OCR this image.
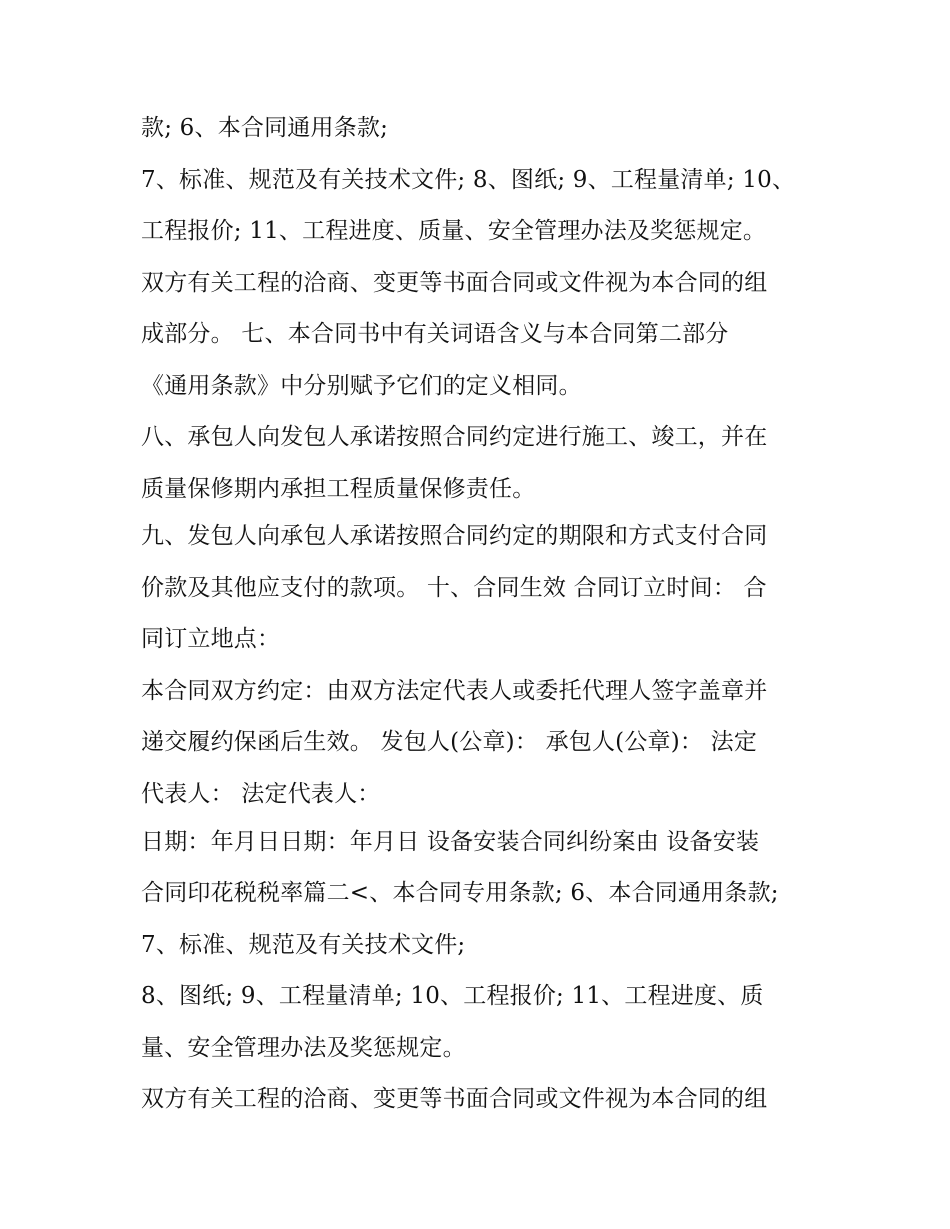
款; 6、本合同通用条款;
7、标准、规范及有关技术文件; 8、图纸; 9、工程量清单; 10、
工程报价; 11、工程进度、质量、安全管理办法及奖惩规定。
双方有关工程的洽商、变更等书面合同或文件视为本合同的组
成部分。 七、本合同书中有关词语含义与本合同第二部分
《通用条款》中分别赋予它们的定义相同。
八、承包人向发包人承诺按照合同约定进行施工、竣工，并在
质量保修期内承担工程质量保修责任。
九、发包人向承包人承诺按照合同约定的期限和方式支付合同
价款及其他应支付的款项。 十、合同生效 合同订立时间： 合
同订立地点：
本合同双方约定：由双方法定代表人或委托代理人签字盖章并
递交履约保函后生效。 发包人(公章)： 承包人(公章)： 法定
代表人： 法定代表人：
日期：年月日日期：年月日 设备安装合同纠纷案由 设备安装
合同印花税税率篇二<、本合同专用条款; 6、本合同通用条款;
7、标准、规范及有关技术文件;
8、图纸; 9、工程量清单; 10、工程报价; 11、工程进度、质
量、安全管理办法及奖惩规定。
双方有关工程的洽商、变更等书面合同或文件视为本合同的组
